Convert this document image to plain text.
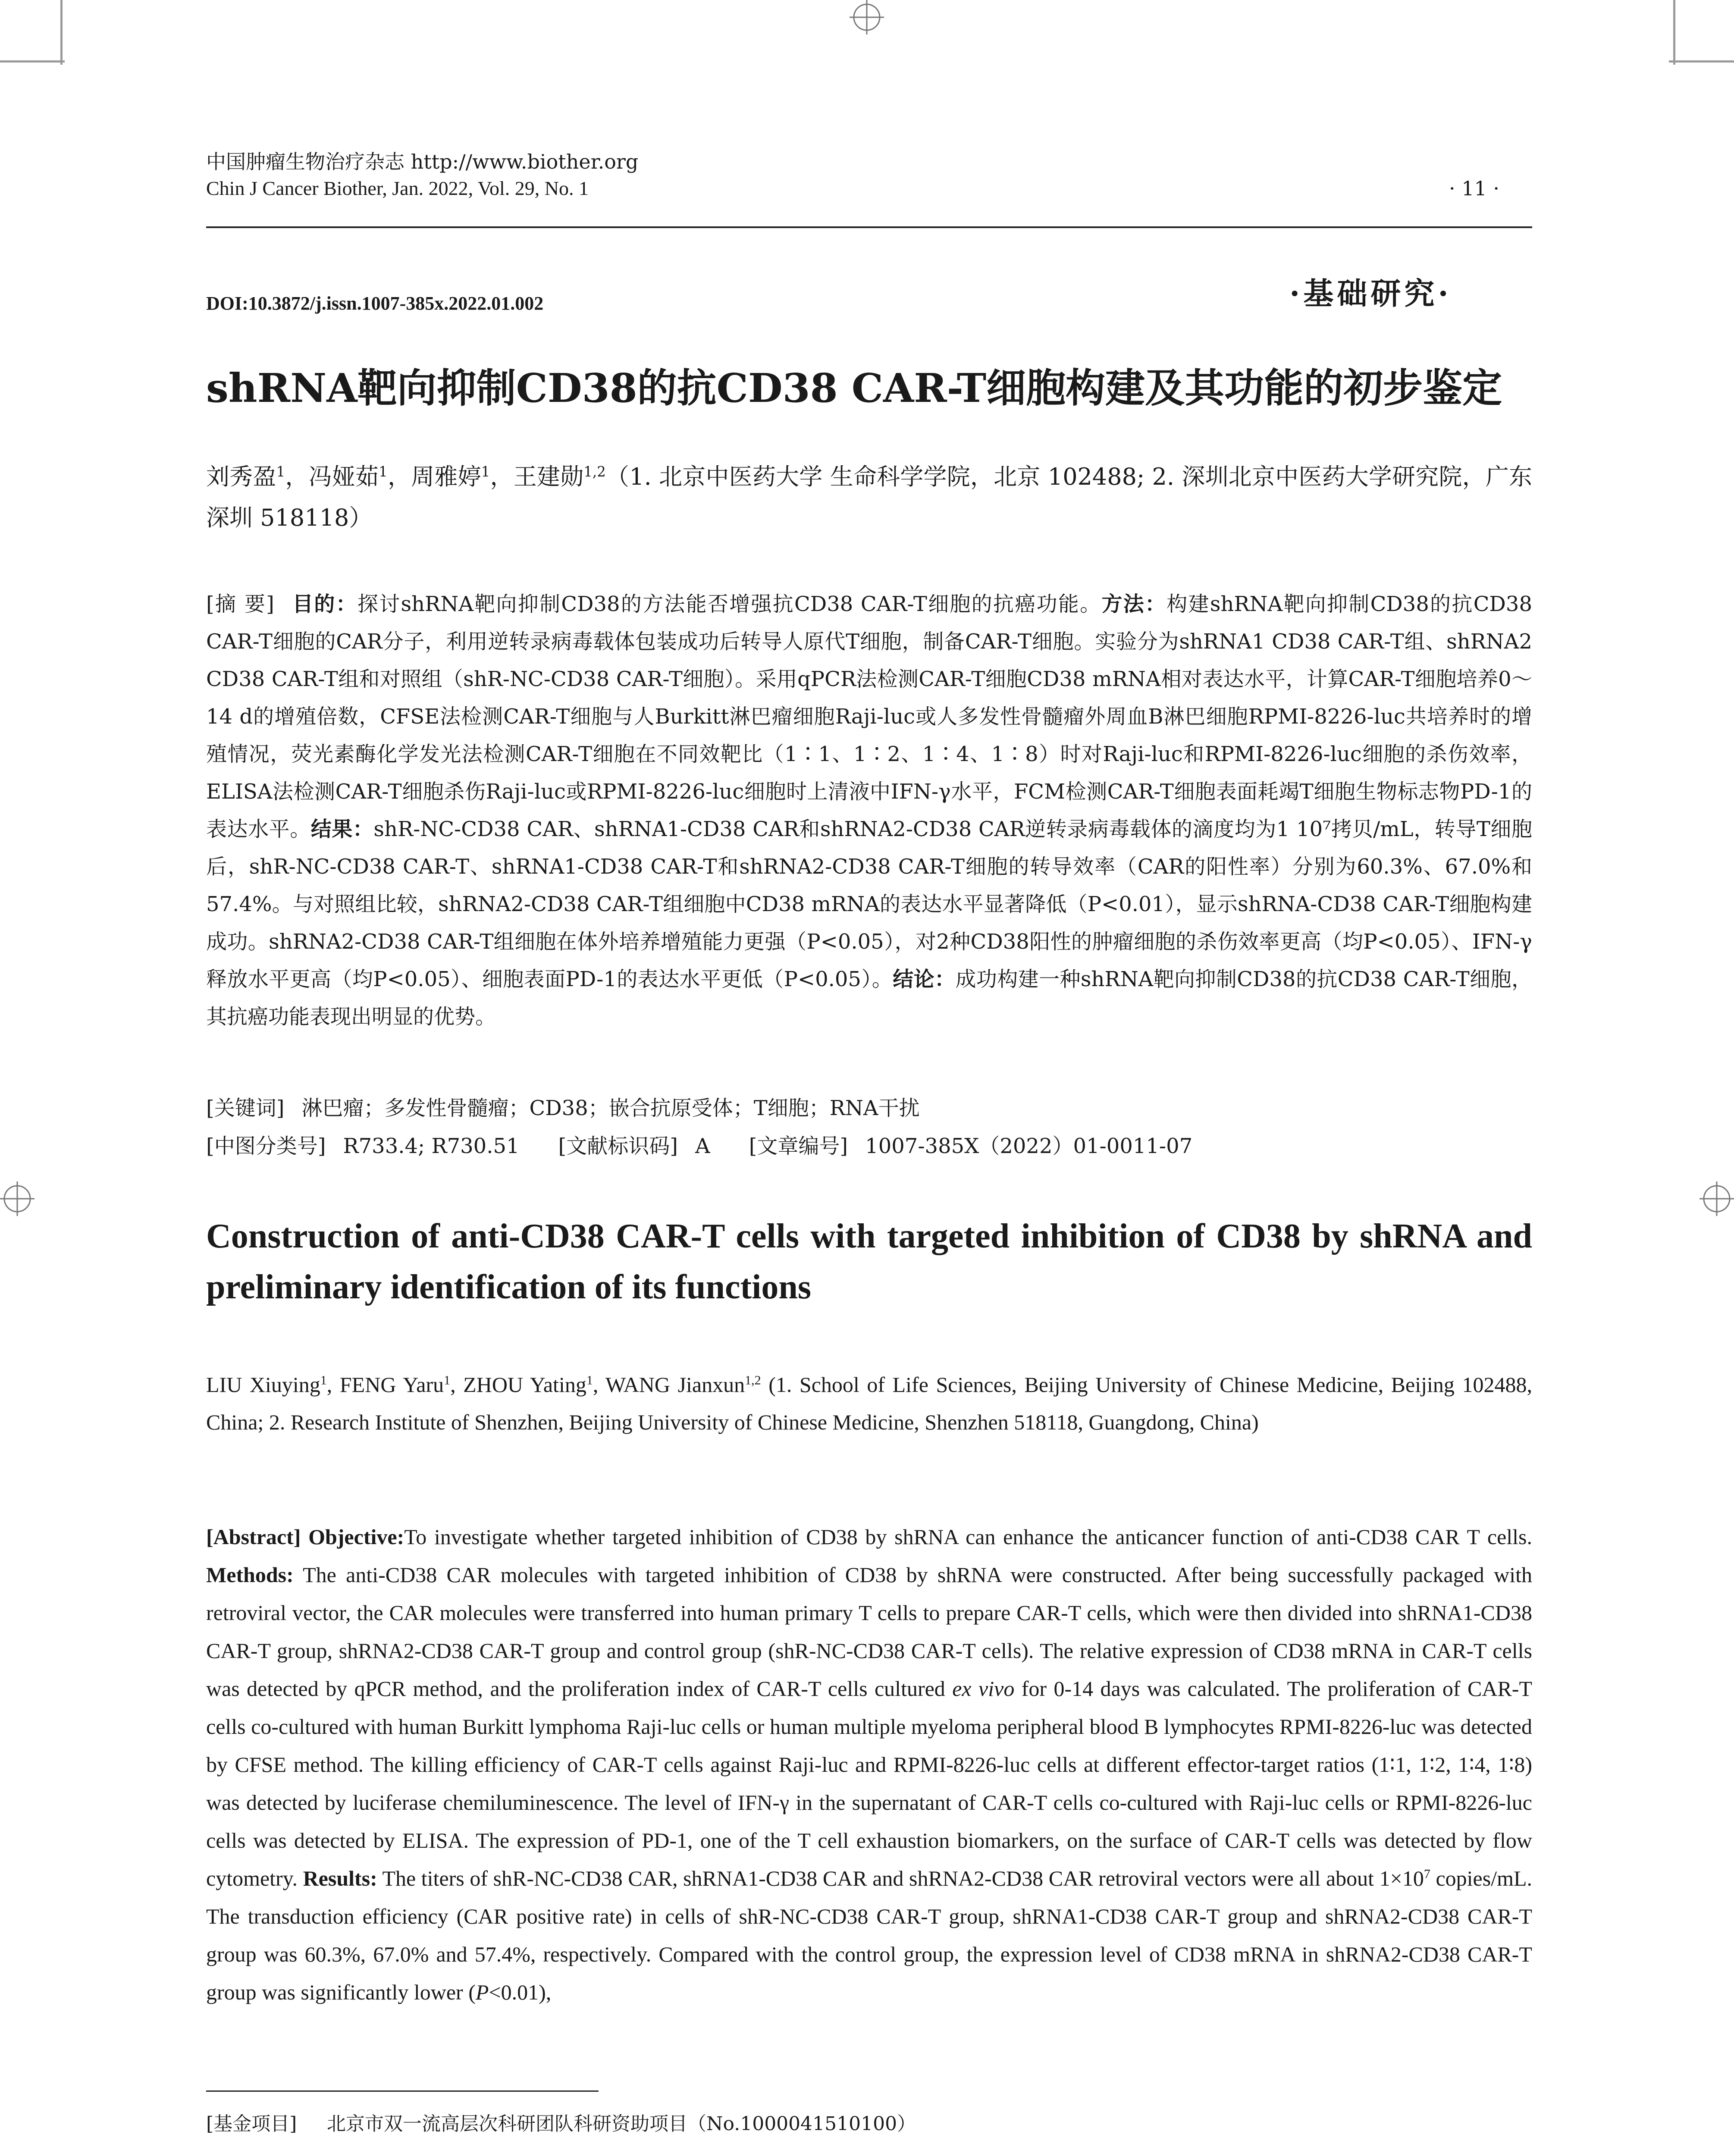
中国肿瘤生物治疗杂志 http://www.biother.org
Chin J Cancer Biother, Jan. 2022, Vol. 29, No. 1	· 11 ·
DOI:10.3872/j.issn.1007-385x.2022.01.002	·基础研究·
shRNA靶向抑制CD38的抗CD38 CAR-T细胞构建及其功能的初步鉴定
刘秀盈$^1$，冯娅茹$^1$，周雅婷$^1$，王建勋$^{1,2}$（1. 北京中医药大学 生命科学学院，北京 102488; 2. 深圳北京中医药大学研究院，广东 深圳 518118）
[摘 要] 目的：探讨shRNA靶向抑制CD38的方法能否增强抗CD38 CAR-T细胞的抗癌功能。方法：构建shRNA靶向抑制CD38的抗CD38 CAR-T细胞的CAR分子，利用逆转录病毒载体包装成功后转导人原代T细胞，制备CAR-T细胞。实验分为shRNA1 CD38 CAR-T组、shRNA2 CD38 CAR-T组和对照组（shR-NC-CD38 CAR-T细胞）。采用qPCR法检测CAR-T细胞CD38 mRNA相对表达水平，计算CAR-T细胞培养0～14 d的增殖倍数，CFSE法检测CAR-T细胞与人Burkitt淋巴瘤细胞Raji-luc或人多发性骨髓瘤外周血B淋巴细胞RPMI-8226-luc共培养时的增殖情况，荧光素酶化学发光法检测CAR-T细胞在不同效靶比（1∶1、1∶2、1∶4、1∶8）时对Raji-luc和RPMI-8226-luc细胞的杀伤效率，ELISA法检测CAR-T细胞杀伤Raji-luc或RPMI-8226-luc细胞时上清液中IFN-γ水平，FCM检测CAR-T细胞表面耗竭T细胞生物标志物PD-1的表达水平。结果：shR-NC-CD38 CAR、shRNA1-CD38 CAR和shRNA2-CD38 CAR逆转录病毒载体的滴度均为1 10⁷拷贝/mL，转导T细胞后，shR-NC-CD38 CAR-T、shRNA1-CD38 CAR-T和shRNA2-CD38 CAR-T细胞的转导效率（CAR的阳性率）分别为60.3%、67.0%和57.4%。与对照组比较，shRNA2-CD38 CAR-T组细胞中CD38 mRNA的表达水平显著降低（P<0.01），显示shRNA-CD38 CAR-T细胞构建成功。shRNA2-CD38 CAR-T组细胞在体外培养增殖能力更强（P<0.05），对2种CD38阳性的肿瘤细胞的杀伤效率更高（均P<0.05）、IFN-γ释放水平更高（均P<0.05）、细胞表面PD-1的表达水平更低（P<0.05）。结论：成功构建一种shRNA靶向抑制CD38的抗CD38 CAR-T细胞，其抗癌功能表现出明显的优势。
[关键词] 淋巴瘤；多发性骨髓瘤；CD38；嵌合抗原受体；T细胞；RNA干扰
[中图分类号] R733.4; R730.51 [文献标识码] A [文章编号] 1007-385X（2022）01-0011-07
Construction of anti-CD38 CAR-T cells with targeted inhibition of CD38 by shRNA and preliminary identification of its functions
LIU Xiuying$^1$, FENG Yaru$^1$, ZHOU Yating$^1$, WANG Jianxun$^{1,2}$ (1. School of Life Sciences, Beijing University of Chinese Medicine, Beijing 102488, China; 2. Research Institute of Shenzhen, Beijing University of Chinese Medicine, Shenzhen 518118, Guangdong, China)
[Abstract] Objective:To investigate whether targeted inhibition of CD38 by shRNA can enhance the anticancer function of anti-CD38 CAR T cells. Methods: The anti-CD38 CAR molecules with targeted inhibition of CD38 by shRNA were constructed. After being successfully packaged with retroviral vector, the CAR molecules were transferred into human primary T cells to prepare CAR-T cells, which were then divided into shRNA1-CD38 CAR-T group, shRNA2-CD38 CAR-T group and control group (shR-NC-CD38 CAR-T cells). The relative expression of CD38 mRNA in CAR-T cells was detected by qPCR method, and the proliferation index of CAR-T cells cultured ex vivo for 0-14 days was calculated. The proliferation of CAR-T cells co-cultured with human Burkitt lymphoma Raji-luc cells or human multiple myeloma peripheral blood B lymphocytes RPMI-8226-luc was detected by CFSE method. The killing efficiency of CAR-T cells against Raji-luc and RPMI-8226-luc cells at different effector-target ratios (1∶1, 1∶2, 1∶4, 1∶8) was detected by luciferase chemiluminescence. The level of IFN-γ in the supernatant of CAR-T cells co-cultured with Raji-luc cells or RPMI-8226-luc cells was detected by ELISA. The expression of PD-1, one of the T cell exhaustion biomarkers, on the surface of CAR-T cells was detected by flow cytometry. Results: The titers of shR-NC-CD38 CAR, shRNA1-CD38 CAR and shRNA2-CD38 CAR retroviral vectors were all about $1\times 10^7$ copies/mL. The transduction efficiency (CAR positive rate) in cells of shR-NC-CD38 CAR-T group, shRNA1-CD38 CAR-T group and shRNA2-CD38 CAR-T group was 60.3%, 67.0% and 57.4%, respectively. Compared with the control group, the expression level of CD38 mRNA in shRNA2-CD38 CAR-T group was significantly lower (P<0.01),
[基金项目] 北京市双一流高层次科研团队科研资助项目（No.1000041510100）
